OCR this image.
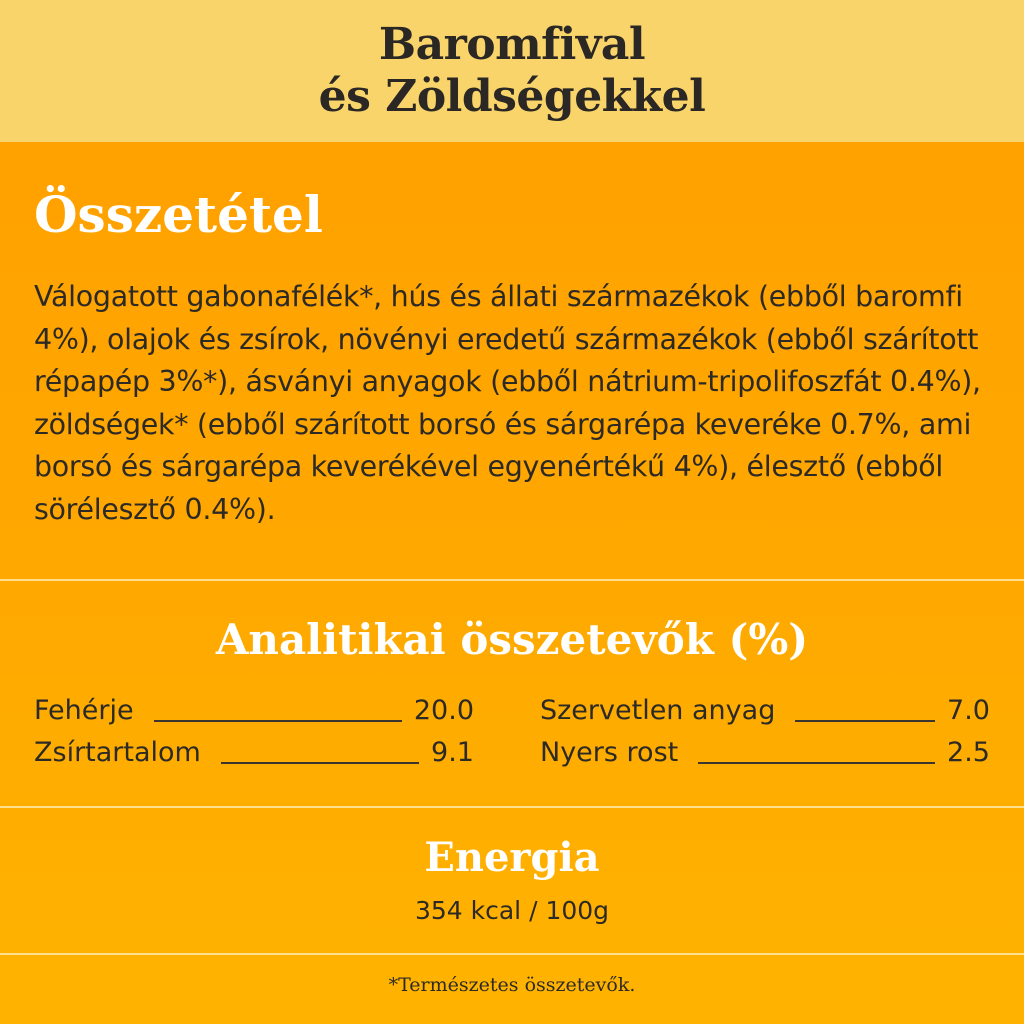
Baromfival
és Zöldségekkel
Összetétel
Válogatott gabonafélék*, hús és állati származékok (ebből baromfi 4%), olajok és zsírok, növényi eredetű származékok (ebből szárított répapép 3%*), ásványi anyagok (ebből nátrium-tripolifoszfát 0.4%), zöldségek* (ebből szárított borsó és sárgarépa keveréke 0.7%, ami borsó és sárgarépa keverékével egyenértékű 4%), élesztő (ebből sörélesztő 0.4%).
Analitikai összetevők (%)
Fehérje	20.0
Zsírtartalom	9.1
Szervetlen anyag	7.0
Nyers rost	2.5
Energia
354 kcal / 100g
*Természetes összetevők.
